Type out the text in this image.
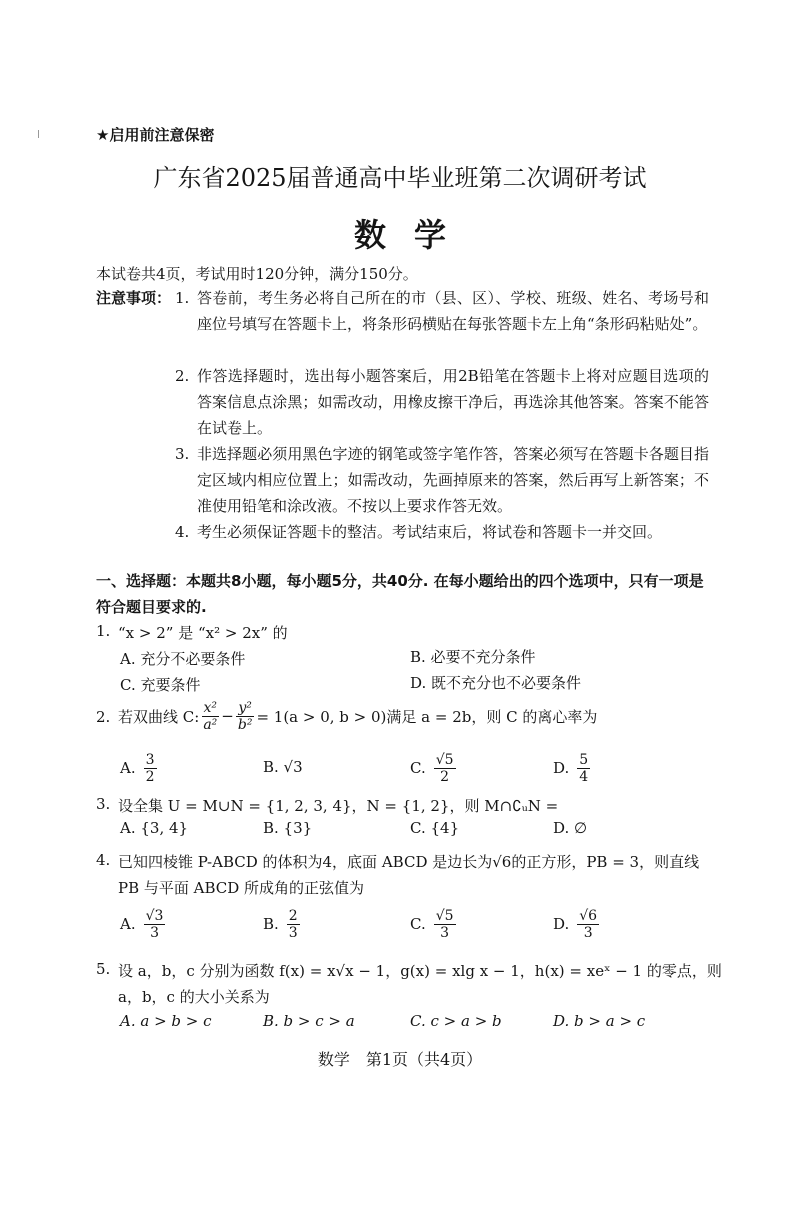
★启用前注意保密
广东省2025届普通高中毕业班第二次调研考试
数学
本试卷共4页，考试用时120分钟，满分150分。
注意事项： 1. 答卷前，考生务必将自己所在的市（县、区）、学校、班级、姓名、考场号和座位号填写在答题卡上，将条形码横贴在每张答题卡左上角“条形码粘贴处”。
2. 作答选择题时，选出每小题答案后，用2B铅笔在答题卡上将对应题目选项的答案信息点涂黑；如需改动，用橡皮擦干净后，再选涂其他答案。答案不能答在试卷上。
3. 非选择题必须用黑色字迹的钢笔或签字笔作答，答案必须写在答题卡各题目指定区域内相应位置上；如需改动，先画掉原来的答案，然后再写上新答案；不准使用铅笔和涂改液。不按以上要求作答无效。
4. 考生必须保证答题卡的整洁。考试结束后，将试卷和答题卡一并交回。
一、选择题：本题共8小题，每小题5分，共40分. 在每小题给出的四个选项中，只有一项是符合题目要求的.
1. “x > 2” 是 “x² > 2x” 的
A. 充分不必要条件	B. 必要不充分条件
C. 充要条件	D. 既不充分也不必要条件
2. 若双曲线 C: $\frac{\text{x²}}{\text{a²}} - \frac{\text{y²}}{\text{b²}} = 1(a > 0$, b > 0)满足 a = 2b，则 C 的离心率为
A. $\frac{3}{2}$	B. √3	C. $\frac{√5}{2}$	D. $\frac{5}{4}$
3. 设全集 U = M∪N = {1, 2, 3, 4}，N = {1, 2}，则 M∩∁ᵤN =
A. {3, 4}	B. {3}	C. {4}	D. ∅
4. 已知四棱锥 P-ABCD 的体积为4，底面 ABCD 是边长为√6的正方形，PB = 3，则直线
PB 与平面 ABCD 所成角的正弦值为
A. $\frac{√3}{3}$	B. $\frac{2}{3}$	C. $\frac{√5}{3}$	D. $\frac{√6}{3}$
5. 设 a，b，c 分别为函数 f(x) = x√x − 1，g(x) = xlg x − 1，h(x) = xeˣ − 1 的零点，则
a，b，c 的大小关系为
A. a > b > c	B. b > c > a	C. c > a > b	D. b > a > c
数学　第1页（共4页）
